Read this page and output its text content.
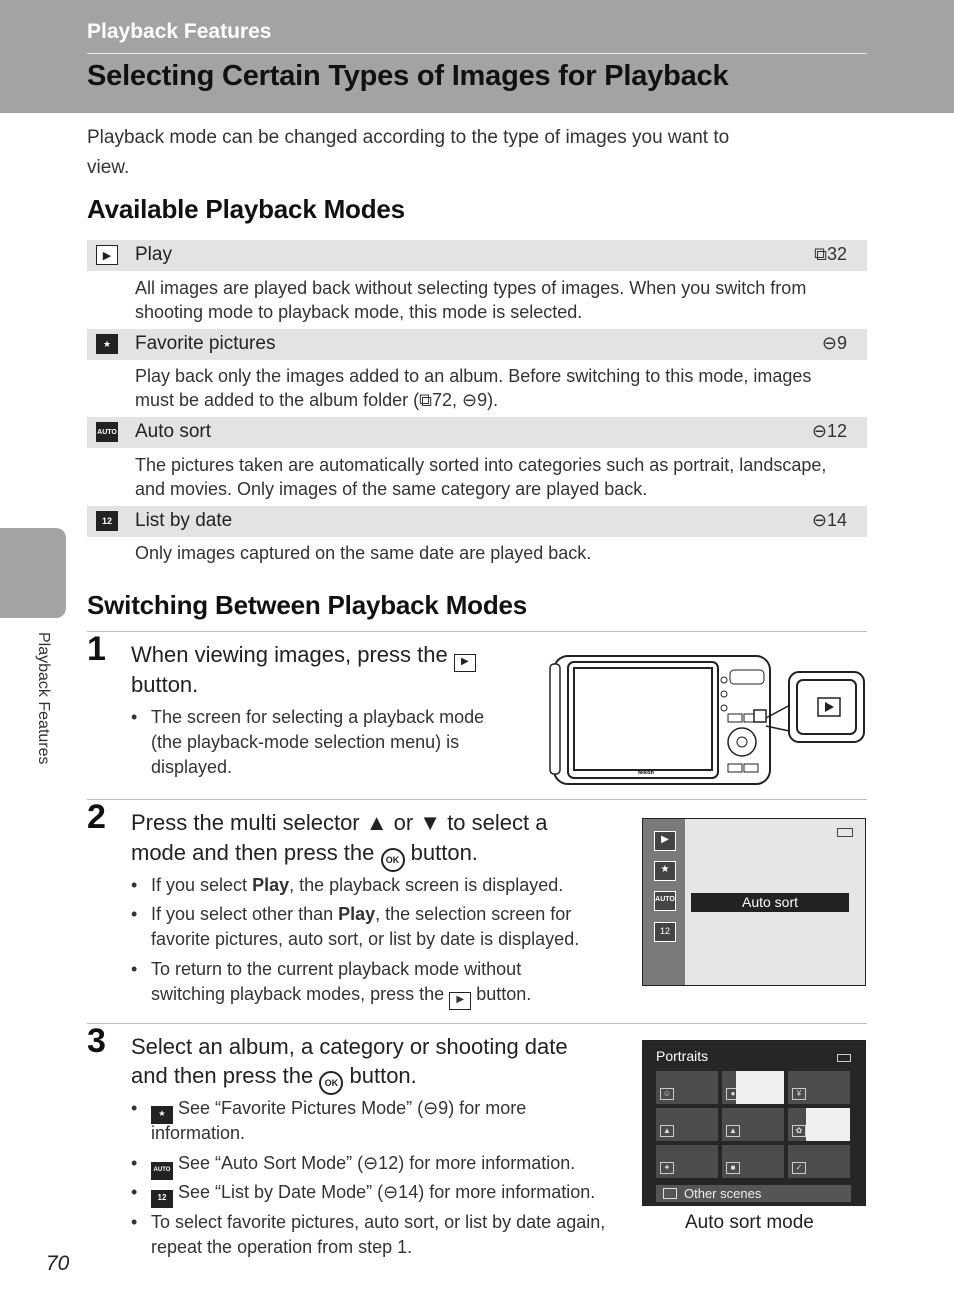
Playback Features
Selecting Certain Types of Images for Playback
Playback mode can be changed according to the type of images you want to
view.
Available Playback Modes
▶	Play	⧉32
All images are played back without selecting types of images. When you switch from
shooting mode to playback mode, this mode is selected.
★	Favorite pictures	⊖9
Play back only the images added to an album. Before switching to this mode, images
must be added to the album folder (⧉72, ⊖9).
AUTO Auto sort	⊖12
The pictures taken are automatically sorted into categories such as portrait, landscape,
and movies. Only images of the same category are played back.
12	List by date	⊖14
Only images captured on the same date are played back.
Playback Features
Switching Between Playback Modes
1 When viewing images, press the ▶
button.
• The screen for selecting a playback mode
(the playback-mode selection menu) is
displayed.	Nikon
2 Press the multi selector ▲ or ▼ to select a
mode and then press the OK button.
• If you select Play, the playback screen is displayed.
• If you select other than Play, the selection screen for
favorite pictures, auto sort, or list by date is displayed.
• To return to the current playback mode without
switching playback modes, press the ▶ button.
▶
★
AUTO
12
Auto sort
3 Select an album, a category or shooting date
and then press the OK button.
•	★ See “Favorite Pictures Mode” (⊖9) for more
information.
•	AUTO See “Auto Sort Mode” (⊖12) for more information.
•	12 See “List by Date Mode” (⊖14) for more information.
• To select favorite pictures, auto sort, or list by date again,
repeat the operation from step 1.
Portraits
☺	●	¥
▲	▲	✿
✦	■	✓
Other scenes
Auto sort mode
70
